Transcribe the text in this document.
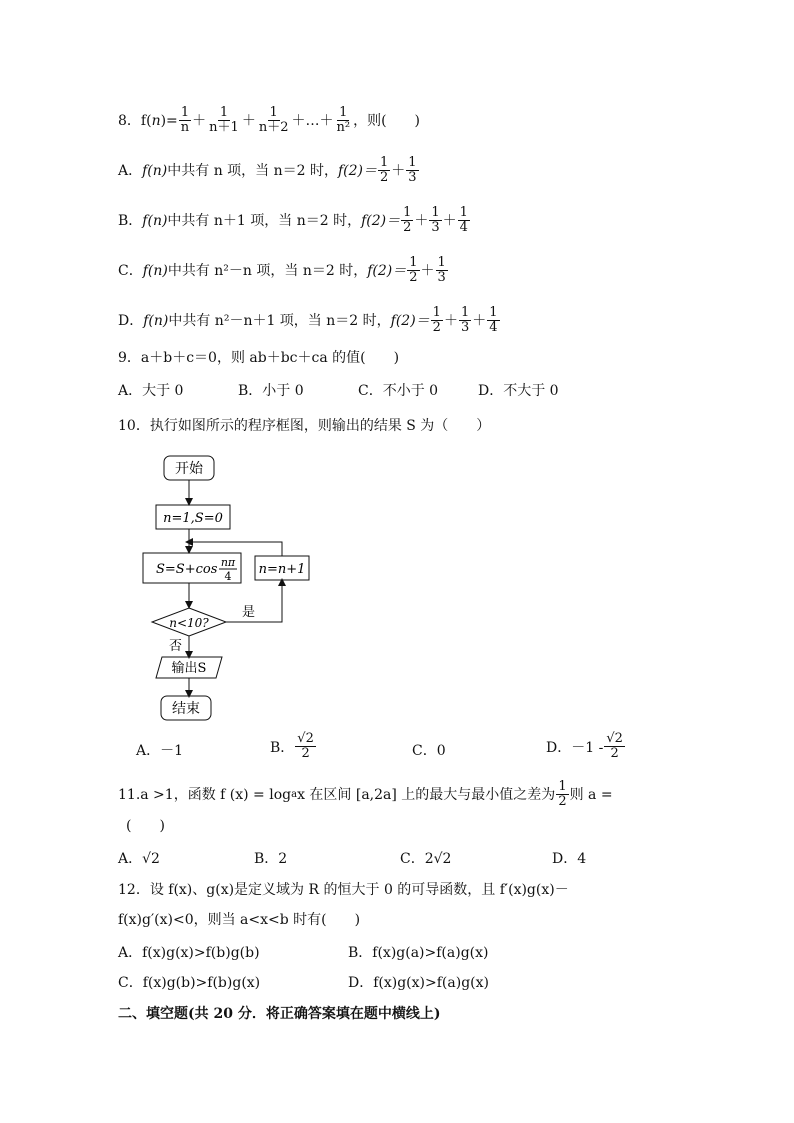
8．f( n )= $\frac{1}{n} + \frac{1}{n+1} + \frac{1}{n+2}$ ＋…＋ $\frac{1}{\text{n²}}$ ，则(　　)
A． f(n) 中共有 n 项，当 n＝2 时， $f(2)= \frac{1}{2} + \frac{1}{3}$
B． f(n) 中共有 n＋1 项，当 n＝2 时， $f(2)= \frac{1}{2} + \frac{1}{3} + \frac{1}{4}$
C． f(n) 中共有 n²－n 项，当 n＝2 时， $f(2)= \frac{1}{2} + \frac{1}{3}$
D． f(n) 中共有 n²－n＋1 项，当 n＝2 时， $f(2)= \frac{1}{2} + \frac{1}{3} + \frac{1}{4}$
9．a＋b＋c＝0，则 ab＋bc＋ca 的值(　　)
A．大于 0	B．小于 0	C．不小于 0	D．不大于 0
10．执行如图所示的程序框图，则输出的结果 S 为（　　）
开始
n=1,S=0
S=S+cos nπ
4 n=n+1
n<10?
是
否
输出S
结束
A．－1	B． $\frac{√2}{2}$	C．0	D．$-1 - \frac{√2}{2}$
11.a >1，函数 f (x) = log a x 在区间 [a,2a] 上的最大与最小值之差为 $\frac{1}{2}$ 则 a =
(　　)
A．√2	B．2	C．2√2	D．4
12．设 f(x)、g(x)是定义域为 R 的恒大于 0 的可导函数，且 f′(x)g(x)－
f(x)g′(x)<0，则当 a<x<b 时有(　　)
A．f(x)g(x)>f(b)g(b)	B．f(x)g(a)>f(a)g(x)
C．f(x)g(b)>f(b)g(x)	D．f(x)g(x)>f(a)g(x)
二、填空题(共 20 分．将正确答案填在题中横线上)
